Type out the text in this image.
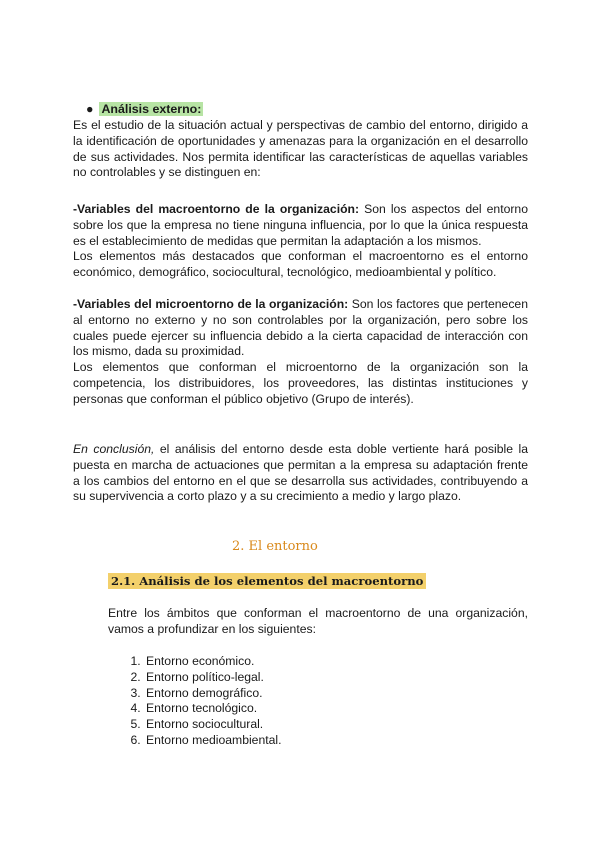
● Análisis externo:

Es el estudio de la situación actual y perspectivas de cambio del entorno, dirigido a la identificación de oportunidades y amenazas para la organización en el desarrollo de sus actividades. Nos permita identificar las características de aquellas variables no controlables y se distinguen en:

-Variables del macroentorno de la organización: Son los aspectos del entorno sobre los que la empresa no tiene ninguna influencia, por lo que la única respuesta es el establecimiento de medidas que permitan la adaptación a los mismos.

Los elementos más destacados que conforman el macroentorno es el entorno económico, demográfico, sociocultural, tecnológico, medioambiental y político.

-Variables del microentorno de la organización: Son los factores que pertenecen al entorno no externo y no son controlables por la organización, pero sobre los cuales puede ejercer su influencia debido a la cierta capacidad de interacción con los mismo, dada su proximidad.

Los elementos que conforman el microentorno de la organización son la competencia, los distribuidores, los proveedores, las distintas instituciones y personas que conforman el público objetivo (Grupo de interés).

En conclusión, el análisis del entorno desde esta doble vertiente hará posible la puesta en marcha de actuaciones que permitan a la empresa su adaptación frente a los cambios del entorno en el que se desarrolla sus actividades, contribuyendo a su supervivencia a corto plazo y a su crecimiento a medio y largo plazo.

2. El entorno
2.1. Análisis de los elementos del macroentorno

Entre los ámbitos que conforman el macroentorno de una organización, vamos a profundizar en los siguientes:

1. Entorno económico.
2. Entorno político-legal.
3. Entorno demográfico.
4. Entorno tecnológico.
5. Entorno sociocultural.
6. Entorno medioambiental.
